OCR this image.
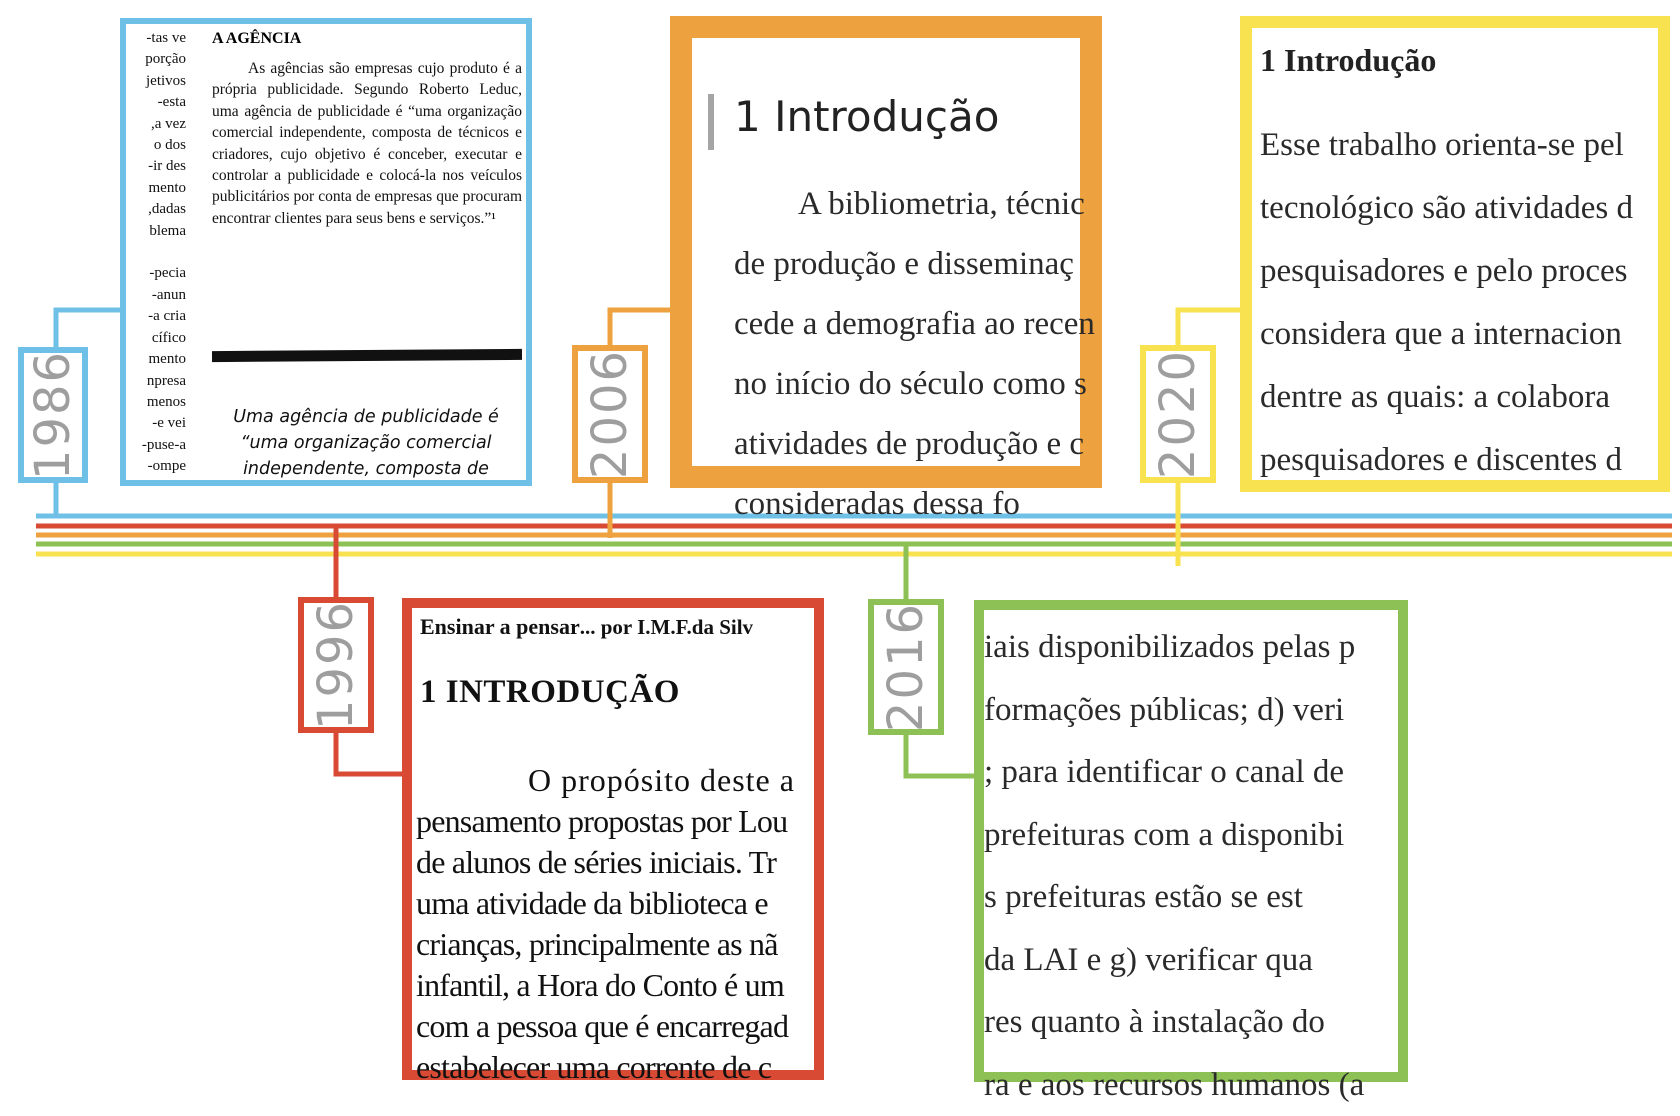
tas ve-
porção
jetivos
esta-
a vez,
o dos
ir des-
mento
dadas,
blema

pecia-
anun-
a cria-
cífico
mento
npresa
menos
e vei-
puse-a-
ompe-
A AGÊNCIA
As agências são empresas cujo produto é a própria publicidade. Segundo Roberto Leduc, uma agência de publicidade é “uma organização comercial independente, composta de técnicos e criadores, cujo objetivo é conceber, executar e controlar a publicidade e colocá-la nos veículos publicitários por conta de empresas que procuram encontrar clientes para seus bens e serviços.”¹
Uma agência de publicidade é “uma organização comercial independente, composta de
1 Introdução
A bibliometria, técnic
de produção e disseminaç
cede a demografia ao recen
no início do século como s
atividades de produção e c
consideradas dessa fo
1 Introdução
Esse trabalho orienta-se pel
tecnológico são atividades d
pesquisadores e pelo proces
considera que a internacion
dentre as quais: a colabora
pesquisadores e discentes d
Ensinar a pensar... por I.M.F.da Silv
1 INTRODUÇÃO
O propósito deste a
pensamento propostas por Lou
de alunos de séries iniciais. Tr
uma atividade da biblioteca e
crianças, principalmente as nã
infantil, a Hora do Conto é um
com a pessoa que é encarregad
estabelecer uma corrente de c
iais disponibilizados pelas p
formações públicas; d) veri
; para identificar o canal de
prefeituras com a disponibi
s prefeituras estão se est
da LAI e g) verificar qua
res quanto à instalação do
ra e aos recursos humanos (a
1986	2006	2020
1996	2016
